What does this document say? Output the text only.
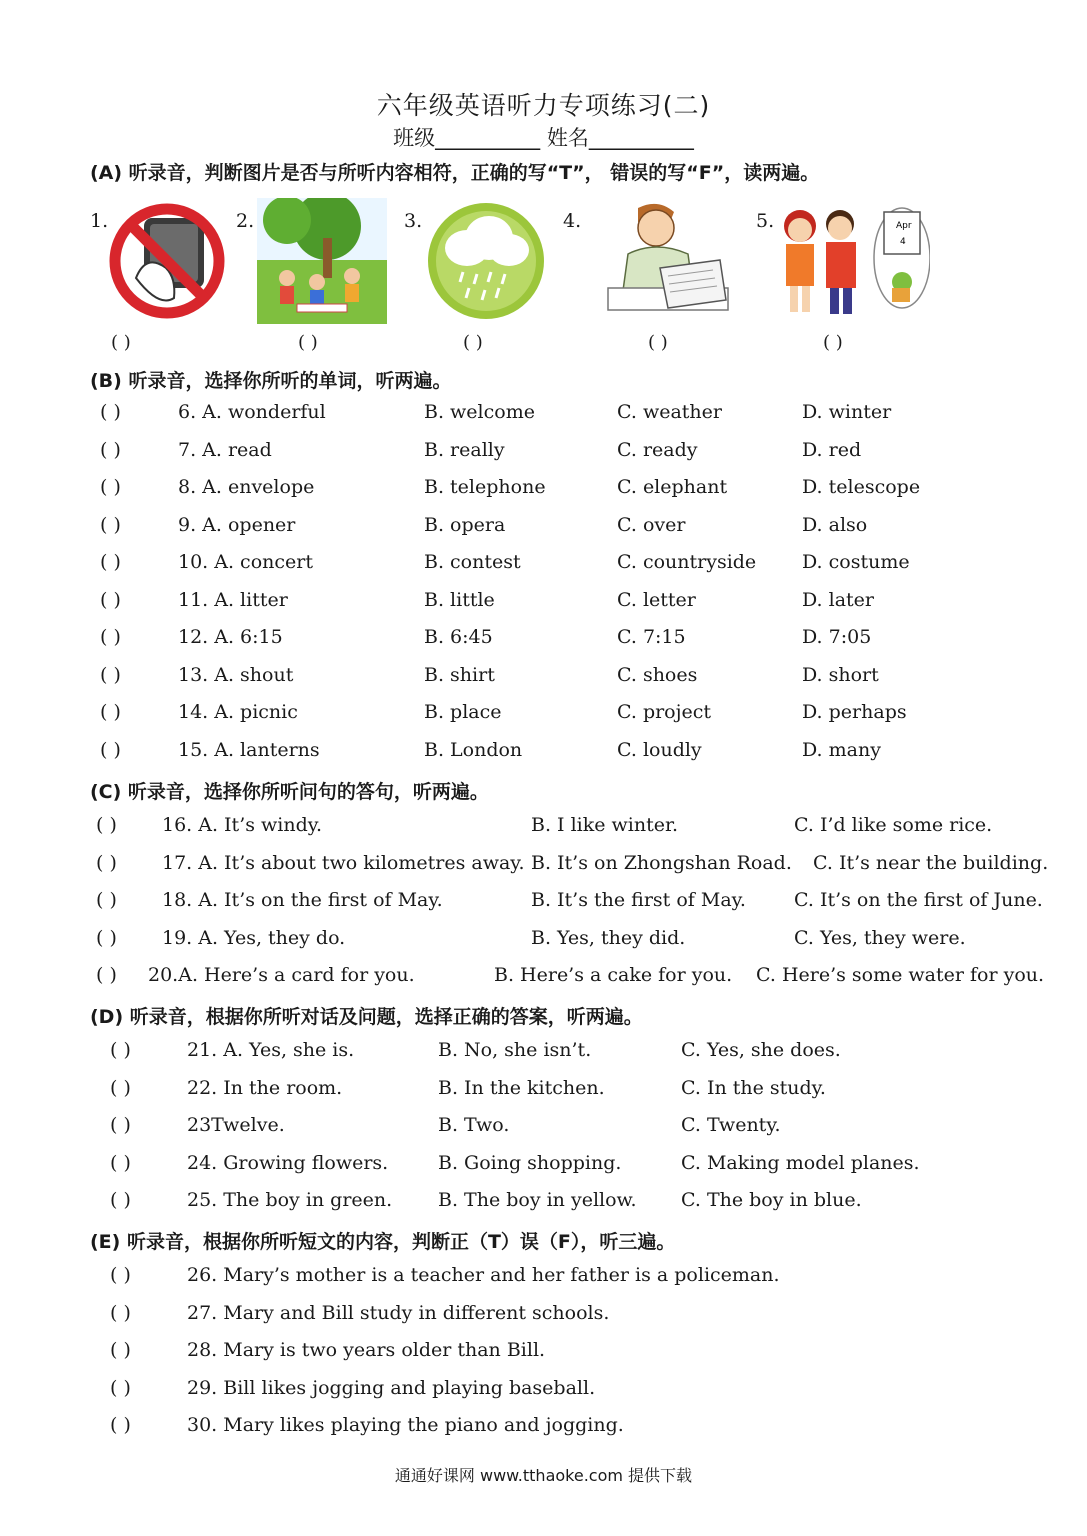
六年级英语听力专项练习(二)
班级__________ 姓名__________
(A) 听录音，判断图片是否与所听内容相符，正确的写“T”， 错误的写“F”，读两遍。
1.	2.	3.	4.	5.	Apr
4
( )	( )	( )	( )	( )
(B) 听录音，选择你所听的单词，听两遍。
( )	6. A. wonderful	B. welcome	C. weather	D. winter
( )	7. A. read	B. really	C. ready	D. red
( )	8. A. envelope	B. telephone	C. elephant	D. telescope
( )	9. A. opener	B. opera	C. over	D. also
( )	10. A. concert	B. contest	C. countryside D. costume
( )	11. A. litter	B. little	C. letter	D. later
( )	12. A. 6:15	B. 6:45	C. 7:15	D. 7:05
( )	13. A. shout	B. shirt	C. shoes	D. short
( )	14. A. picnic	B. place	C. project	D. perhaps
( )	15. A. lanterns	B. London	C. loudly	D. many
(C) 听录音，选择你所听问句的答句，听两遍。
( ) 16. A. It’s windy.	B. I like winter.	C. I’d like some rice.
( ) 17. A. It’s about two kilometres away. B. It’s on Zhongshan Road. C. It’s near the building.
( ) 18. A. It’s on the first of May.	B. It’s the first of May.	C. It’s on the first of June.
( ) 19. A. Yes, they do.	B. Yes, they did.	C. Yes, they were.
( ) 20.A. Here’s a card for you.	B. Here’s a cake for you. C. Here’s some water for you.
(D) 听录音，根据你所听对话及问题，选择正确的答案，听两遍。
( )	21. A. Yes, she is.	B. No, she isn’t.	C. Yes, she does.
( )	22. In the room.	B. In the kitchen.	C. In the study.
( )	23Twelve.	B. Two.	C. Twenty.
( )	24. Growing flowers.	B. Going shopping.	C. Making model planes.
( )	25. The boy in green. B. The boy in yellow. C. The boy in blue.
(E) 听录音，根据你所听短文的内容，判断正（T）误（F），听三遍。
( )	26. Mary’s mother is a teacher and her father is a policeman.
( )	27. Mary and Bill study in different schools.
( )	28. Mary is two years older than Bill.
( )	29. Bill likes jogging and playing baseball.
( )	30. Mary likes playing the piano and jogging.
通通好课网 www.tthaoke.com 提供下载
